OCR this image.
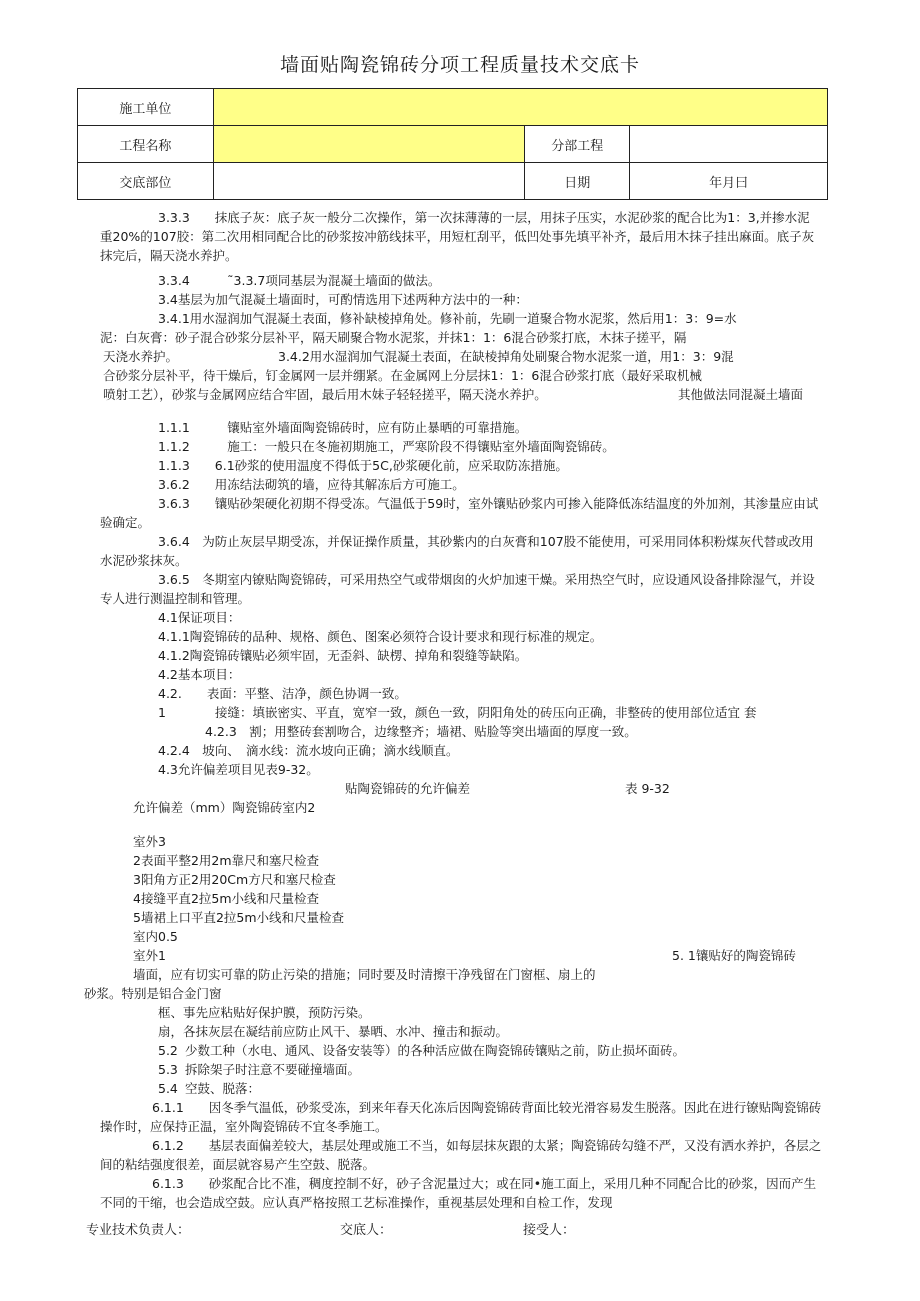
墙面贴陶瓷锦砖分项工程质量技术交底卡
施工单位			
工程名称		分部工程	
交底部位		日期	年月曰
3.3.3　　抹底子灰：底子灰一般分二次操作，第一次抹薄薄的一层，用抹子压实，水泥砂浆的配合比为1：3,并掺水泥重20%的107胶：第二次用相同配合比的砂浆按冲筋线抹平，用短杠刮平，低凹处事先填平补齐，最后用木抹子挂出麻面。底子灰抹完后，隔天浇水养护。
3.3.4　　　˜3.3.7项同基层为混凝土墙面的做法。
3.4基层为加气混凝土墙面时，可酌情选用下述两种方法中的一种：
3.4.1用水湿润加气混凝土表面，修补缺棱掉角处。修补前，先刷一道聚合物水泥浆，然后用1：3：9=水
泥：白灰膏：砂子混合砂浆分层补平，隔天刷聚合物水泥浆，并抹1：1：6混合砂浆打底，木抹子搓平，隔
天浇水养护。	3.4.2用水湿润加气混凝土表面，在缺棱掉角处刷聚合物水泥浆一道，用1：3：9混
合砂浆分层补平，待干燥后，钉金属网一层并绷紧。在金属网上分层抹1：1：6混合砂浆打底（最好采取机械
喷射工艺），砂浆与金属网应结合牢固，最后用木妹子轻轻搓平，隔天浇水养护。	其他做法同混凝土墙面
1.1.1　　　镶贴室外墙面陶瓷锦砖时，应有防止暴晒的可靠措施。
1.1.2　　　施工：一般只在冬施初期施工，严寒阶段不得镶贴室外墙面陶瓷锦砖。
1.1.3　　6.1砂浆的使用温度不得低于5C,砂浆硬化前，应采取防冻措施。
3.6.2　　用冻结法砌筑的墙，应待其解冻后方可施工。
3.6.3　　镶贴砂架硬化初期不得受冻。气温低于59时，室外镶贴砂浆内可掺入能降低冻结温度的外加剂，其渗量应由试验确定。
3.6.4　为防止灰层早期受冻，并保证操作质量，其砂紫内的白灰膏和107股不能使用，可采用同体积粉煤灰代替或改用水泥砂浆抹灰。
3.6.5　冬期室内镣贴陶瓷锦砖，可采用热空气或带烟囱的火炉加速干燥。采用热空气时，应设通风设备排除湿气，并设专人进行测温控制和管理。
4.1保证项目：
4.1.1陶瓷锦砖的品种、规格、颜色、图案必须符合设计要求和现行标准的规定。
4.1.2陶瓷锦砖镶贴必须牢固，无歪斜、缺楞、掉角和裂缝等缺陷。
4.2基本项目：
4.2.　　表面：平整、洁净，颜色协调一致。
1	接缝：填嵌密实、平直，宽窄一致，颜色一致，阴阳角处的砖压向正确，非整砖的使用部位适宜 套
4.2.3　割；用整砖套割吻合，边缘整齐；墙裙、贴脸等突出墙面的厚度一致。
4.2.4　坡向、　滴水线：流水坡向正确；滴水线顺直。
4.3允许偏差项目见表9-32。
贴陶瓷锦砖的允许偏差	表 9-32
允许偏差（mm）陶瓷锦砖室内2
室外3
2表面平整2用2m靠尺和塞尺检查
3阳角方正2用20Cm方尺和塞尺检查
4接缝平直2拉5m小线和尺量检查
5墙裙上口平直2拉5m小线和尺量检查
室内0.5
室外1	5. 1镶贴好的陶瓷锦砖
墙面，应有切实可靠的防止污染的措施；同时要及时清擦干净残留在门窗框、扇上的
砂浆。特别是铝合金门窗
框、事先应粘贴好保护膜，预防污染。
扇，各抹灰层在凝结前应防止风干、暴晒、水冲、撞击和振动。
5.2 少数工种（水电、通风、设备安装等）的各种活应做在陶瓷锦砖镶贴之前，防止损坏面砖。
5.3 拆除架子时注意不要碰撞墙面。
5.4 空鼓、脱落：
6.1.1　　因冬季气温低，砂浆受冻，到来年春天化冻后因陶瓷锦砖背面比较光滑容易发生脱落。因此在进行镣贴陶瓷锦砖操作时，应保持正温，室外陶瓷锦砖不宜冬季施工。
6.1.2　　基层表面偏差较大，基层处理或施工不当，如每层抹灰跟的太紧；陶瓷锦砖勾缝不严，又没有洒水养护，各层之间的粘结强度很差，面层就容易产生空鼓、脱落。
6.1.3　　砂浆配合比不准，稠度控制不好，砂子含泥量过大；或在同•施工面上，采用几种不同配合比的砂浆，因而产生不同的干缩，也会造成空鼓。应认真严格按照工艺标准操作，重视基层处理和自检工作，发现
专业技术负责人：	交底人：	接受人：
